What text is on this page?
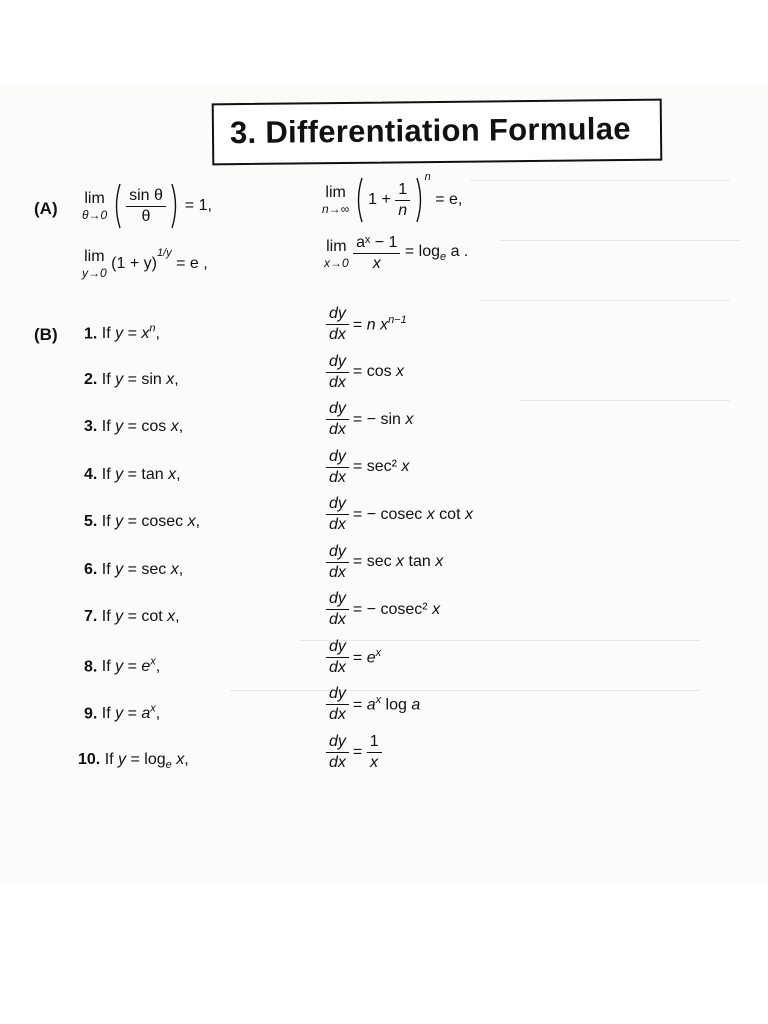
3. Differentiation Formulae
(A)
lim
θ→0
$\frac{\text{sin θ}}{\theta} = 1$,
lim
n→∞
$1 + \frac{1}{n}$
$^n$ = e,
lim
y→0
$(1 + y)^{1/y} = e$ ,
lim
x→0
$\frac{\text{aˣ − 1}}{x} = \log_e a$ .
(B) 1. If $y = x^n$,	$\frac{dy}{dx} = n$ $x^{n-1}$
2. If y = sin x,	$\frac{dy}{dx} = \cos x$
3. If y = cos x,	$\frac{dy}{dx}$ = − sin x
4. If y = tan x,	$\frac{dy}{dx} = \sec^2$ x
5. If y = cosec x,	$\frac{dy}{dx}$ = − cosec x cot x
6. If y = sec x,	$\frac{dy}{dx} = \sec x$ tan x
7. If y = cot x,	$\frac{dy}{dx}$ = − cosec² x
8. If $y = e^x$,	$\frac{dy}{dx} = e^x$
9. If $y = a^x$,	$\frac{dy}{dx} = a^x$ log a
10. If $y = \log_e x$,	$\frac{dy}{dx} = \frac{1}{x}$
